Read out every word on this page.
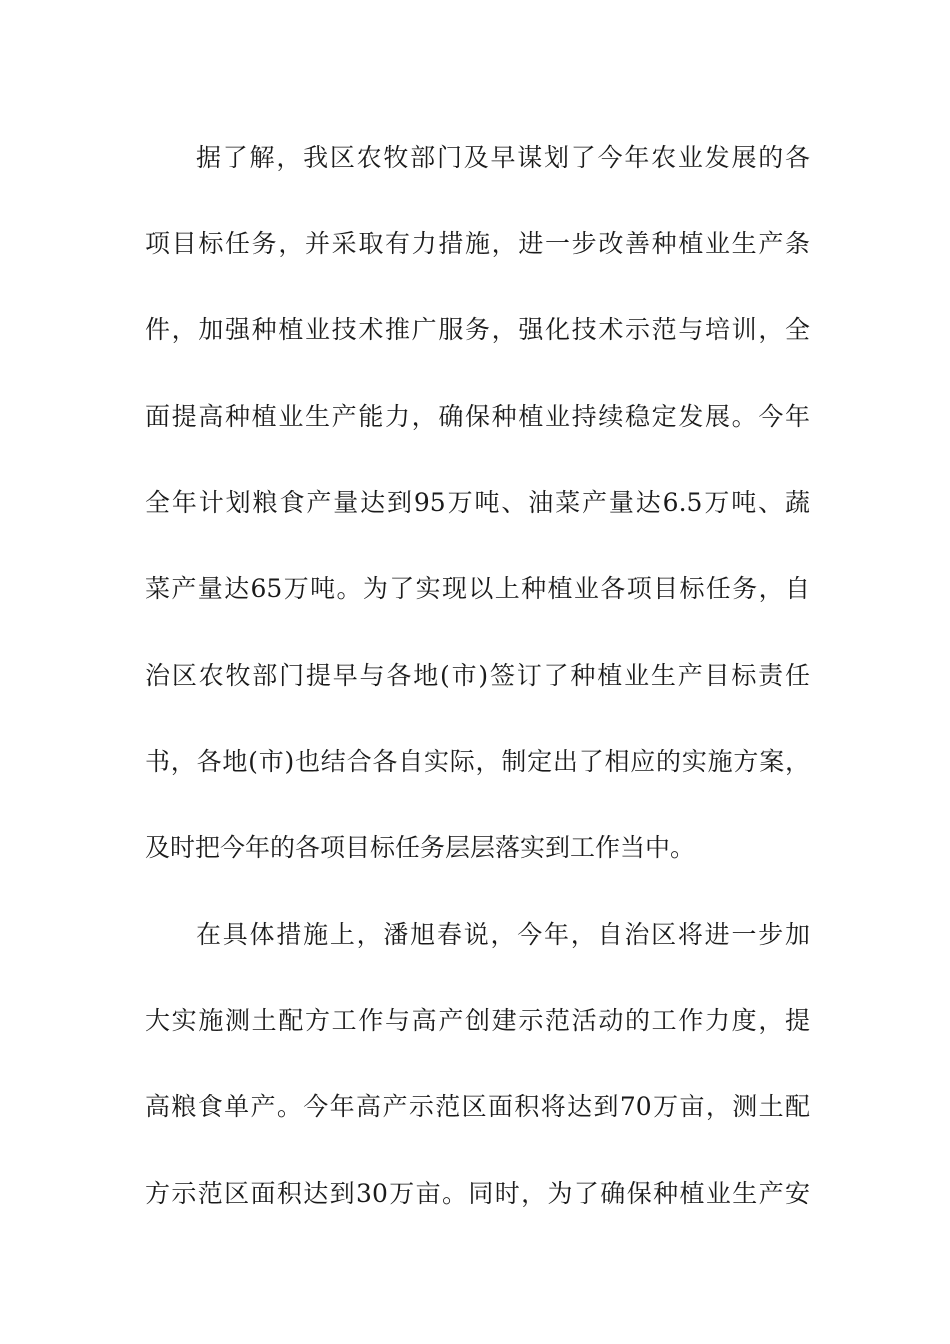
据了解，我区农牧部门及早谋划了今年农业发展的各
项目标任务，并采取有力措施，进一步改善种植业生产条
件，加强种植业技术推广服务，强化技术示范与培训，全
面提高种植业生产能力，确保种植业持续稳定发展。今年
全年计划粮食产量达到95万吨、油菜产量达6.5万吨、蔬
菜产量达65万吨。为了实现以上种植业各项目标任务，自
治区农牧部门提早与各地(市)签订了种植业生产目标责任
书，各地(市)也结合各自实际，制定出了相应的实施方案，
及时把今年的各项目标任务层层落实到工作当中。
在具体措施上，潘旭春说，今年，自治区将进一步加
大实施测土配方工作与高产创建示范活动的工作力度，提
高粮食单产。今年高产示范区面积将达到70万亩，测土配
方示范区面积达到30万亩。同时，为了确保种植业生产安
